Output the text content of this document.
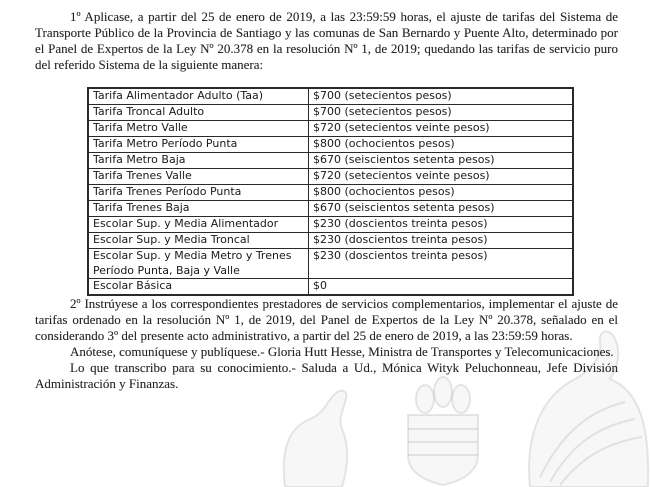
1º Aplicase, a partir del 25 de enero de 2019, a las 23:59:59 horas, el ajuste de tarifas del Sistema de Transporte Público de la Provincia de Santiago y las comunas de San Bernardo y Puente Alto, determinado por el Panel de Expertos de la Ley Nº 20.378 en la resolución Nº 1, de 2019; quedando las tarifas de servicio puro del referido Sistema de la siguiente manera:

Tarifa Alimentador Adulto (Taa)	$700 (setecientos pesos)
Tarifa Troncal Adulto	$700 (setecientos pesos)
Tarifa Metro Valle	$720 (setecientos veinte pesos)
Tarifa Metro Período Punta	$800 (ochocientos pesos)
Tarifa Metro Baja	$670 (seiscientos setenta pesos)
Tarifa Trenes Valle	$720 (setecientos veinte pesos)
Tarifa Trenes Período Punta	$800 (ochocientos pesos)
Tarifa Trenes Baja	$670 (seiscientos setenta pesos)
Escolar Sup. y Media Alimentador	$230 (doscientos treinta pesos)
Escolar Sup. y Media Troncal	$230 (doscientos treinta pesos)
Escolar Sup. y Media Metro y Trenes Período Punta, Baja y Valle	$230 (doscientos treinta pesos)
Escolar Básica	$0

2º Instrúyese a los correspondientes prestadores de servicios complementarios, implementar el ajuste de tarifas ordenado en la resolución Nº 1, de 2019, del Panel de Expertos de la Ley Nº 20.378, señalado en el considerando 3º del presente acto administrativo, a partir del 25 de enero de 2019, a las 23:59:59 horas.

Anótese, comuníquese y publíquese.- Gloria Hutt Hesse, Ministra de Transportes y Telecomunicaciones.

Lo que transcribo para su conocimiento.- Saluda a Ud., Mónica Wityk Peluchonneau, Jefe División Administración y Finanzas.
